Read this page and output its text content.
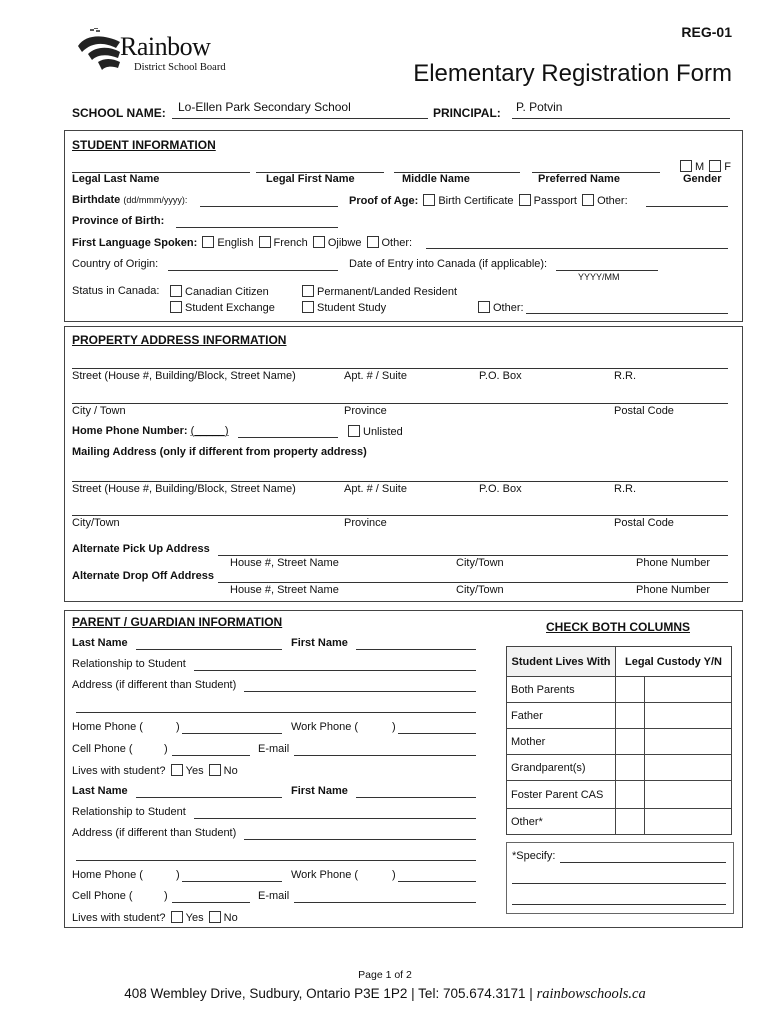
REG-01
Rainbow
District School Board	Elementary Registration Form
SCHOOL NAME: Lo-Ellen Park Secondary School	PRINCIPAL: P. Potvin
STUDENT INFORMATION
M F
Legal Last Name	Legal First Name	Middle Name	Preferred Name	Gender
Birthdate (dd/mmm/yyyy):	Proof of Age: Birth Certificate Passport Other:
Province of Birth:
First Language Spoken: English French Ojibwe Other:
Country of Origin:	Date of Entry into Canada (if applicable):
YYYY/MM
Status in Canada:	Canadian Citizen	Permanent/Landed Resident
Student Exchange	Student Study	Other:
PROPERTY ADDRESS INFORMATION
Street (House #, Building/Block, Street Name)	Apt. # / Suite	P.O. Box	R.R.
City / Town	Province	Postal Code
Home Phone Number: (_____)	Unlisted
Mailing Address (only if different from property address)
Street (House #, Building/Block, Street Name)	Apt. # / Suite	P.O. Box	R.R.
City/Town	Province	Postal Code
Alternate Pick Up Address
House #, Street Name	City/Town	Phone Number
Alternate Drop Off Address
House #, Street Name	City/Town	Phone Number
PARENT / GUARDIAN INFORMATION
Last Name	First Name
Relationship to Student
Address (if different than Student)
Home Phone (	)	Work Phone (	)
Cell Phone (	)	E-mail
Lives with student? Yes No
Last Name	First Name
Relationship to Student
Address (if different than Student)
Home Phone (	)	Work Phone (	)
Cell Phone (	)	E-mail
Lives with student? Yes No
CHECK BOTH COLUMNS
Student Lives With	Legal Custody Y/N	
Both Parents		
Father		
Mother		
Grandparent(s)		
Foster Parent CAS		
Other*		
*Specify:
Page 1 of 2
408 Wembley Drive, Sudbury, Ontario P3E 1P2 | Tel: 705.674.3171 | rainbowschools.ca
